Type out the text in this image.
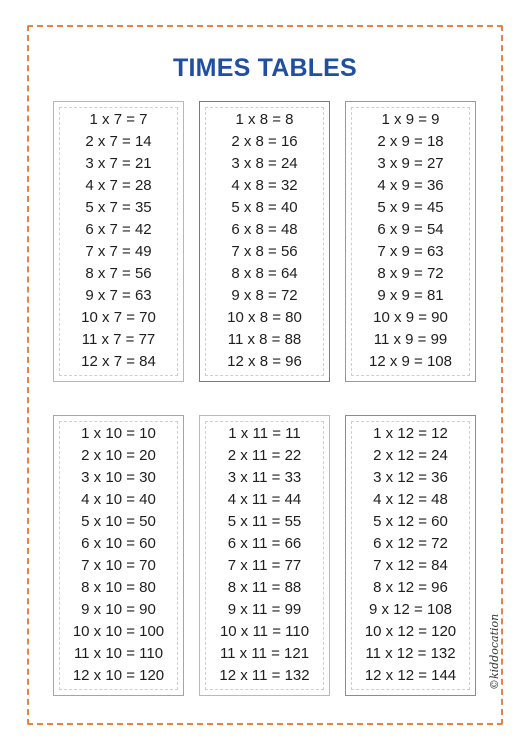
TIMES TABLES
1 x 7 = 7
2 x 7 = 14
3 x 7 = 21
4 x 7 = 28
5 x 7 = 35
6 x 7 = 42
7 x 7 = 49
8 x 7 = 56
9 x 7 = 63
10 x 7 = 70
11 x 7 = 77
12 x 7 = 84
1 x 8 = 8
2 x 8 = 16
3 x 8 = 24
4 x 8 = 32
5 x 8 = 40
6 x 8 = 48
7 x 8 = 56
8 x 8 = 64
9 x 8 = 72
10 x 8 = 80
11 x 8 = 88
12 x 8 = 96
1 x 9 = 9
2 x 9 = 18
3 x 9 = 27
4 x 9 = 36
5 x 9 = 45
6 x 9 = 54
7 x 9 = 63
8 x 9 = 72
9 x 9 = 81
10 x 9 = 90
11 x 9 = 99
12 x 9 = 108
1 x 10 = 10
2 x 10 = 20
3 x 10 = 30
4 x 10 = 40
5 x 10 = 50
6 x 10 = 60
7 x 10 = 70
8 x 10 = 80
9 x 10 = 90
10 x 10 = 100
11 x 10 = 110
12 x 10 = 120
1 x 11 = 11
2 x 11 = 22
3 x 11 = 33
4 x 11 = 44
5 x 11 = 55
6 x 11 = 66
7 x 11 = 77
8 x 11 = 88
9 x 11 = 99
10 x 11 = 110
11 x 11 = 121
12 x 11 = 132
1 x 12 = 12
2 x 12 = 24
3 x 12 = 36
4 x 12 = 48
5 x 12 = 60
6 x 12 = 72
7 x 12 = 84
8 x 12 = 96
9 x 12 = 108
10 x 12 = 120
11 x 12 = 132
12 x 12 = 144	©kiddocation
